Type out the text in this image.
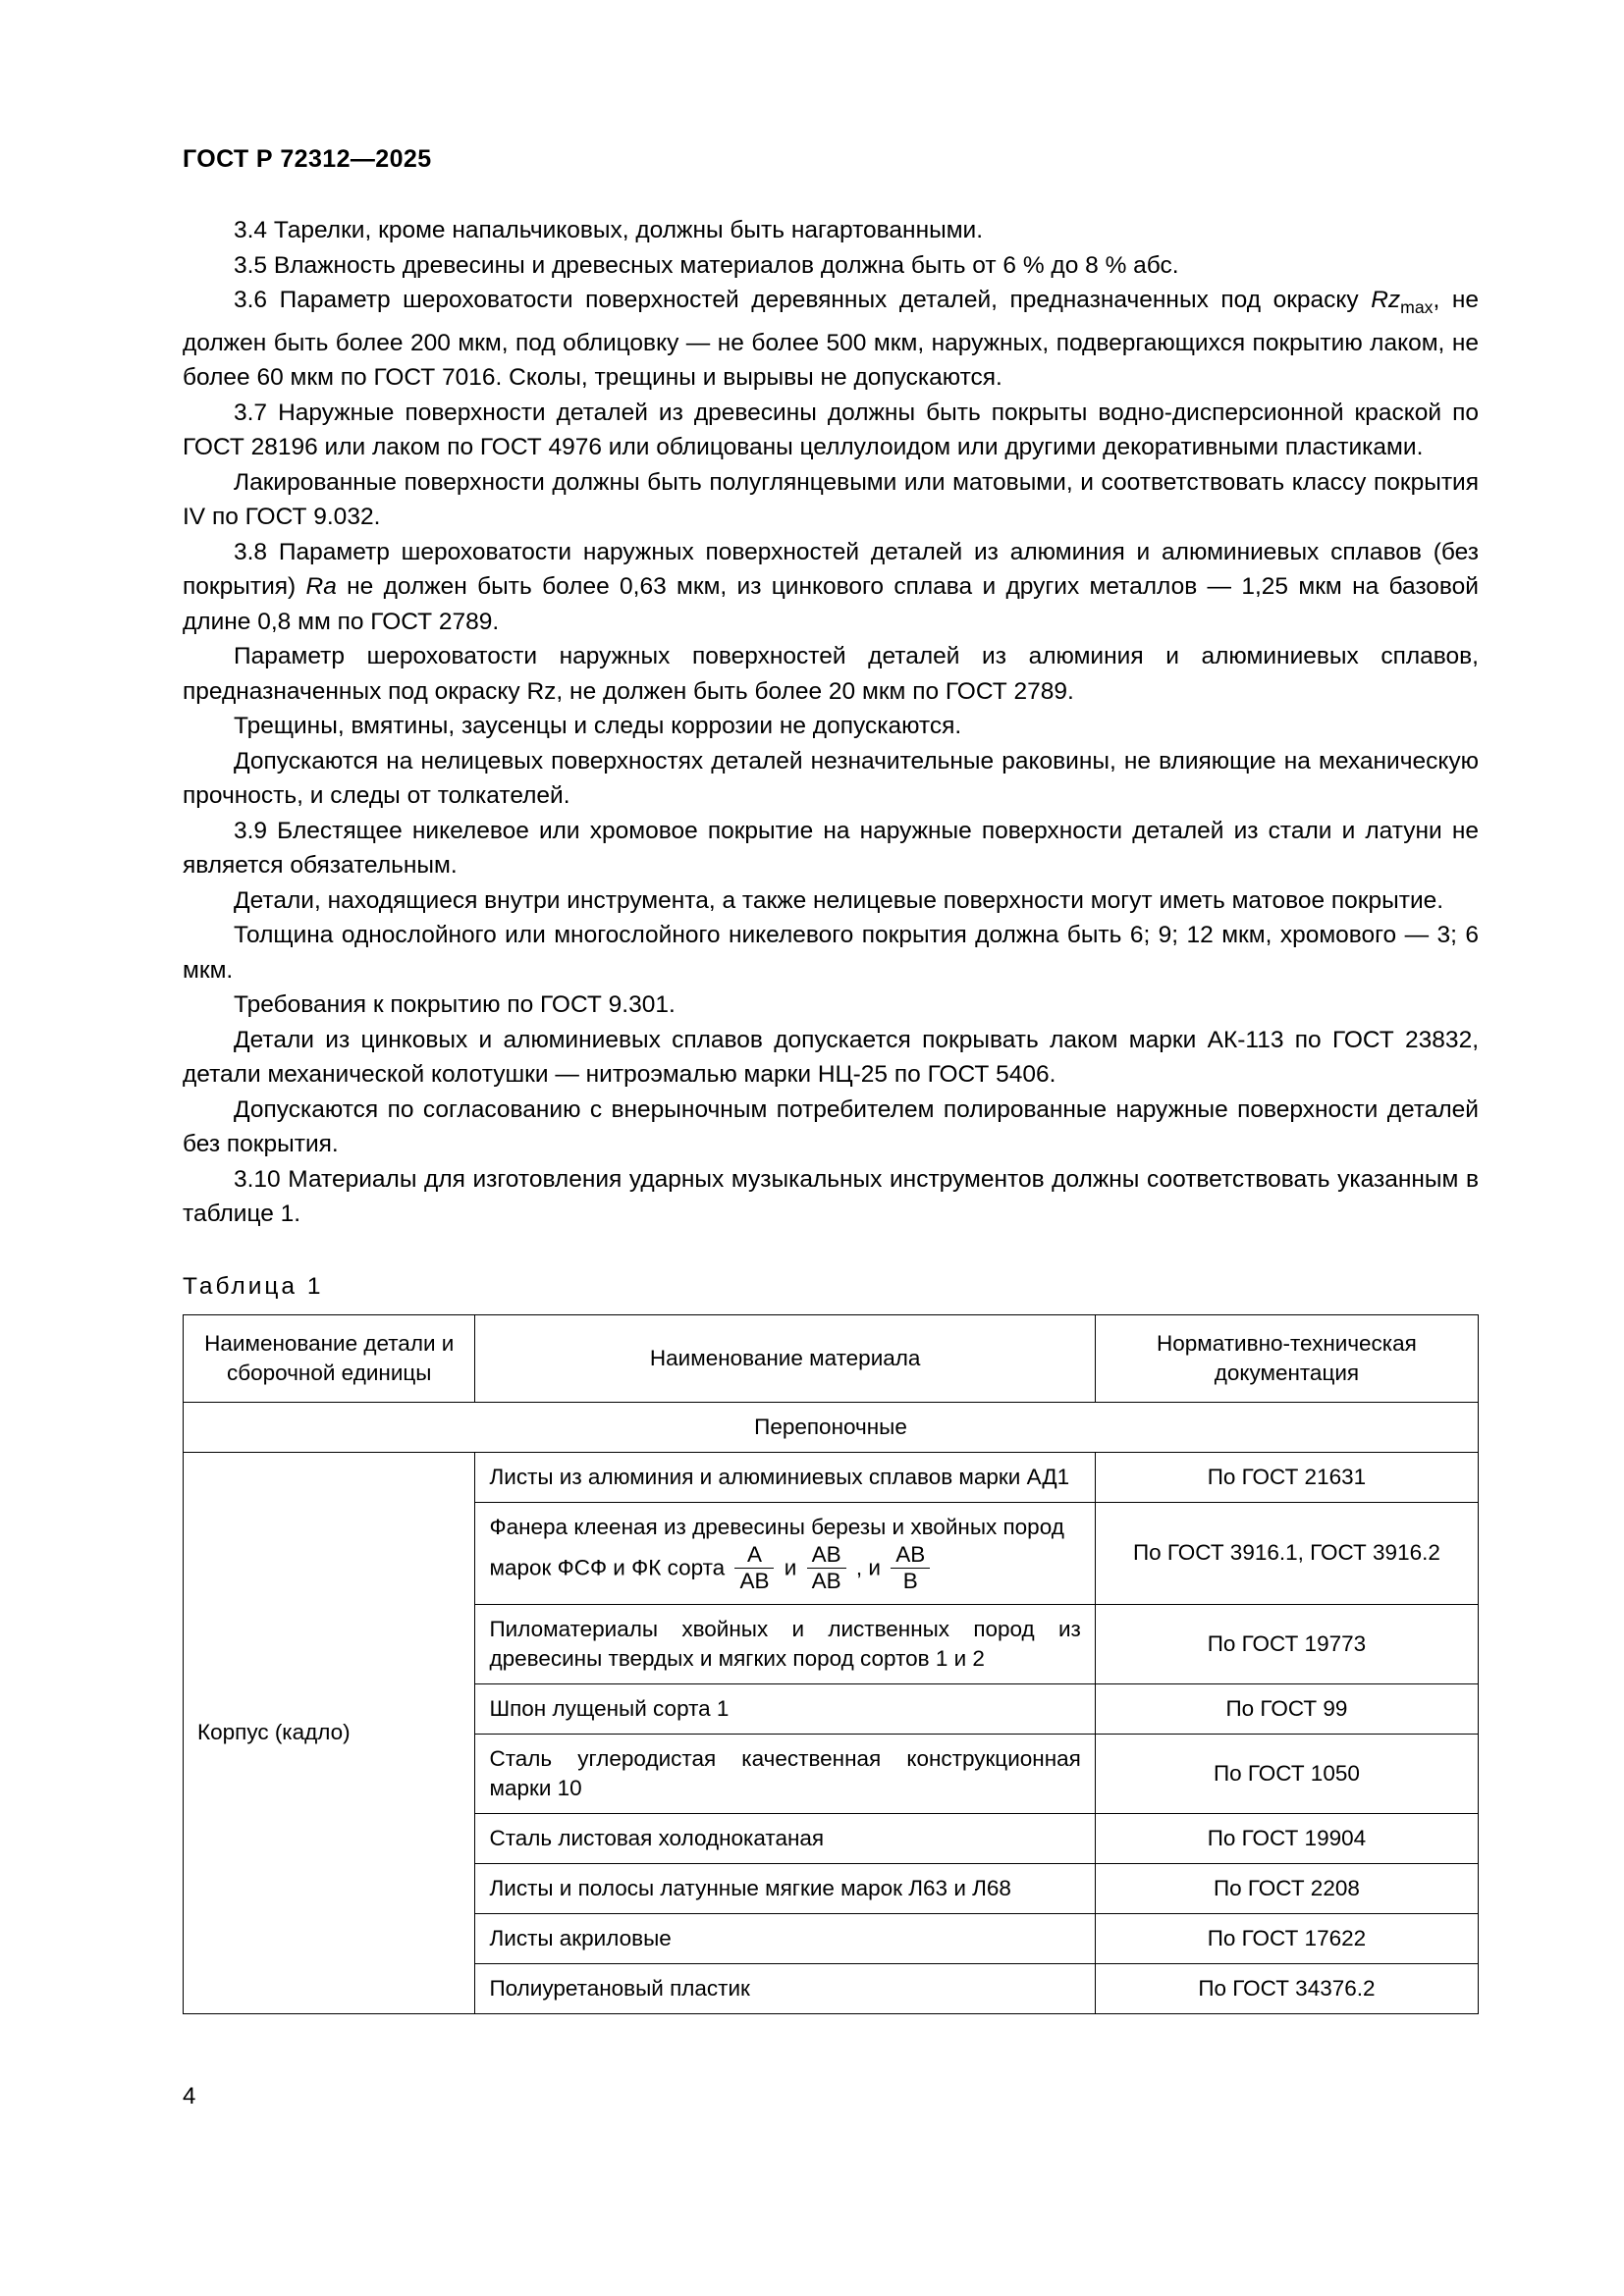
ГОСТ Р 72312—2025

3.4 Тарелки, кроме напальчиковых, должны быть нагартованными.

3.5 Влажность древесины и древесных материалов должна быть от 6 % до 8 % абс.

3.6 Параметр шероховатости поверхностей деревянных деталей, предназначенных под окраску $Rz_{max}$, не должен быть более 200 мкм, под облицовку — не более 500 мкм, наружных, подвергающихся покрытию лаком, не более 60 мкм по ГОСТ 7016. Сколы, трещины и вырывы не допускаются.

3.7 Наружные поверхности деталей из древесины должны быть покрыты водно-дисперсионной краской по ГОСТ 28196 или лаком по ГОСТ 4976 или облицованы целлулоидом или другими декоративными пластиками.

Лакированные поверхности должны быть полуглянцевыми или матовыми, и соответствовать классу покрытия IV по ГОСТ 9.032.

3.8 Параметр шероховатости наружных поверхностей деталей из алюминия и алюминиевых сплавов (без покрытия) Ra не должен быть более 0,63 мкм, из цинкового сплава и других металлов — 1,25 мкм на базовой длине 0,8 мм по ГОСТ 2789.

Параметр шероховатости наружных поверхностей деталей из алюминия и алюминиевых сплавов, предназначенных под окраску Rz, не должен быть более 20 мкм по ГОСТ 2789.

Трещины, вмятины, заусенцы и следы коррозии не допускаются.

Допускаются на нелицевых поверхностях деталей незначительные раковины, не влияющие на механическую прочность, и следы от толкателей.

3.9 Блестящее никелевое или хромовое покрытие на наружные поверхности деталей из стали и латуни не является обязательным.

Детали, находящиеся внутри инструмента, а также нелицевые поверхности могут иметь матовое покрытие.

Толщина однослойного или многослойного никелевого покрытия должна быть 6; 9; 12 мкм, хромового — 3; 6 мкм.

Требования к покрытию по ГОСТ 9.301.

Детали из цинковых и алюминиевых сплавов допускается покрывать лаком марки АК-113 по ГОСТ 23832, детали механической колотушки — нитроэмалью марки НЦ-25 по ГОСТ 5406.

Допускаются по согласованию с внерыночным потребителем полированные наружные поверхности деталей без покрытия.

3.10 Материалы для изготовления ударных музыкальных инструментов должны соответствовать указанным в таблице 1.

Таблица 1
Наименование детали и сборочной единицы	Наименование материала	Нормативно-техническая документация
Перепоночные		
Корпус (кадло)	Листы из алюминия и алюминиевых сплавов марки АД1	По ГОСТ 21631

Фанера клееная из древесины березы и хвойных пород
марок ФСФ и ФК сорта $\frac{А}{АВ}$ и $\frac{АВ}{АВ}$ , и $\frac{АВ}{В}$	По ГОСТ 3916.1, ГОСТ 3916.2
	Пиломатериалы хвойных и лиственных пород из древесины твердых и мягких пород сортов 1 и 2	По ГОСТ 19773
	Шпон лущеный сорта 1	По ГОСТ 99
	Сталь углеродистая качественная конструкционная марки 10	По ГОСТ 1050
	Сталь листовая холоднокатаная	По ГОСТ 19904
	Листы и полосы латунные мягкие марок Л63 и Л68	По ГОСТ 2208
	Листы акриловые	По ГОСТ 17622
	Полиуретановый пластик	По ГОСТ 34376.2
4
